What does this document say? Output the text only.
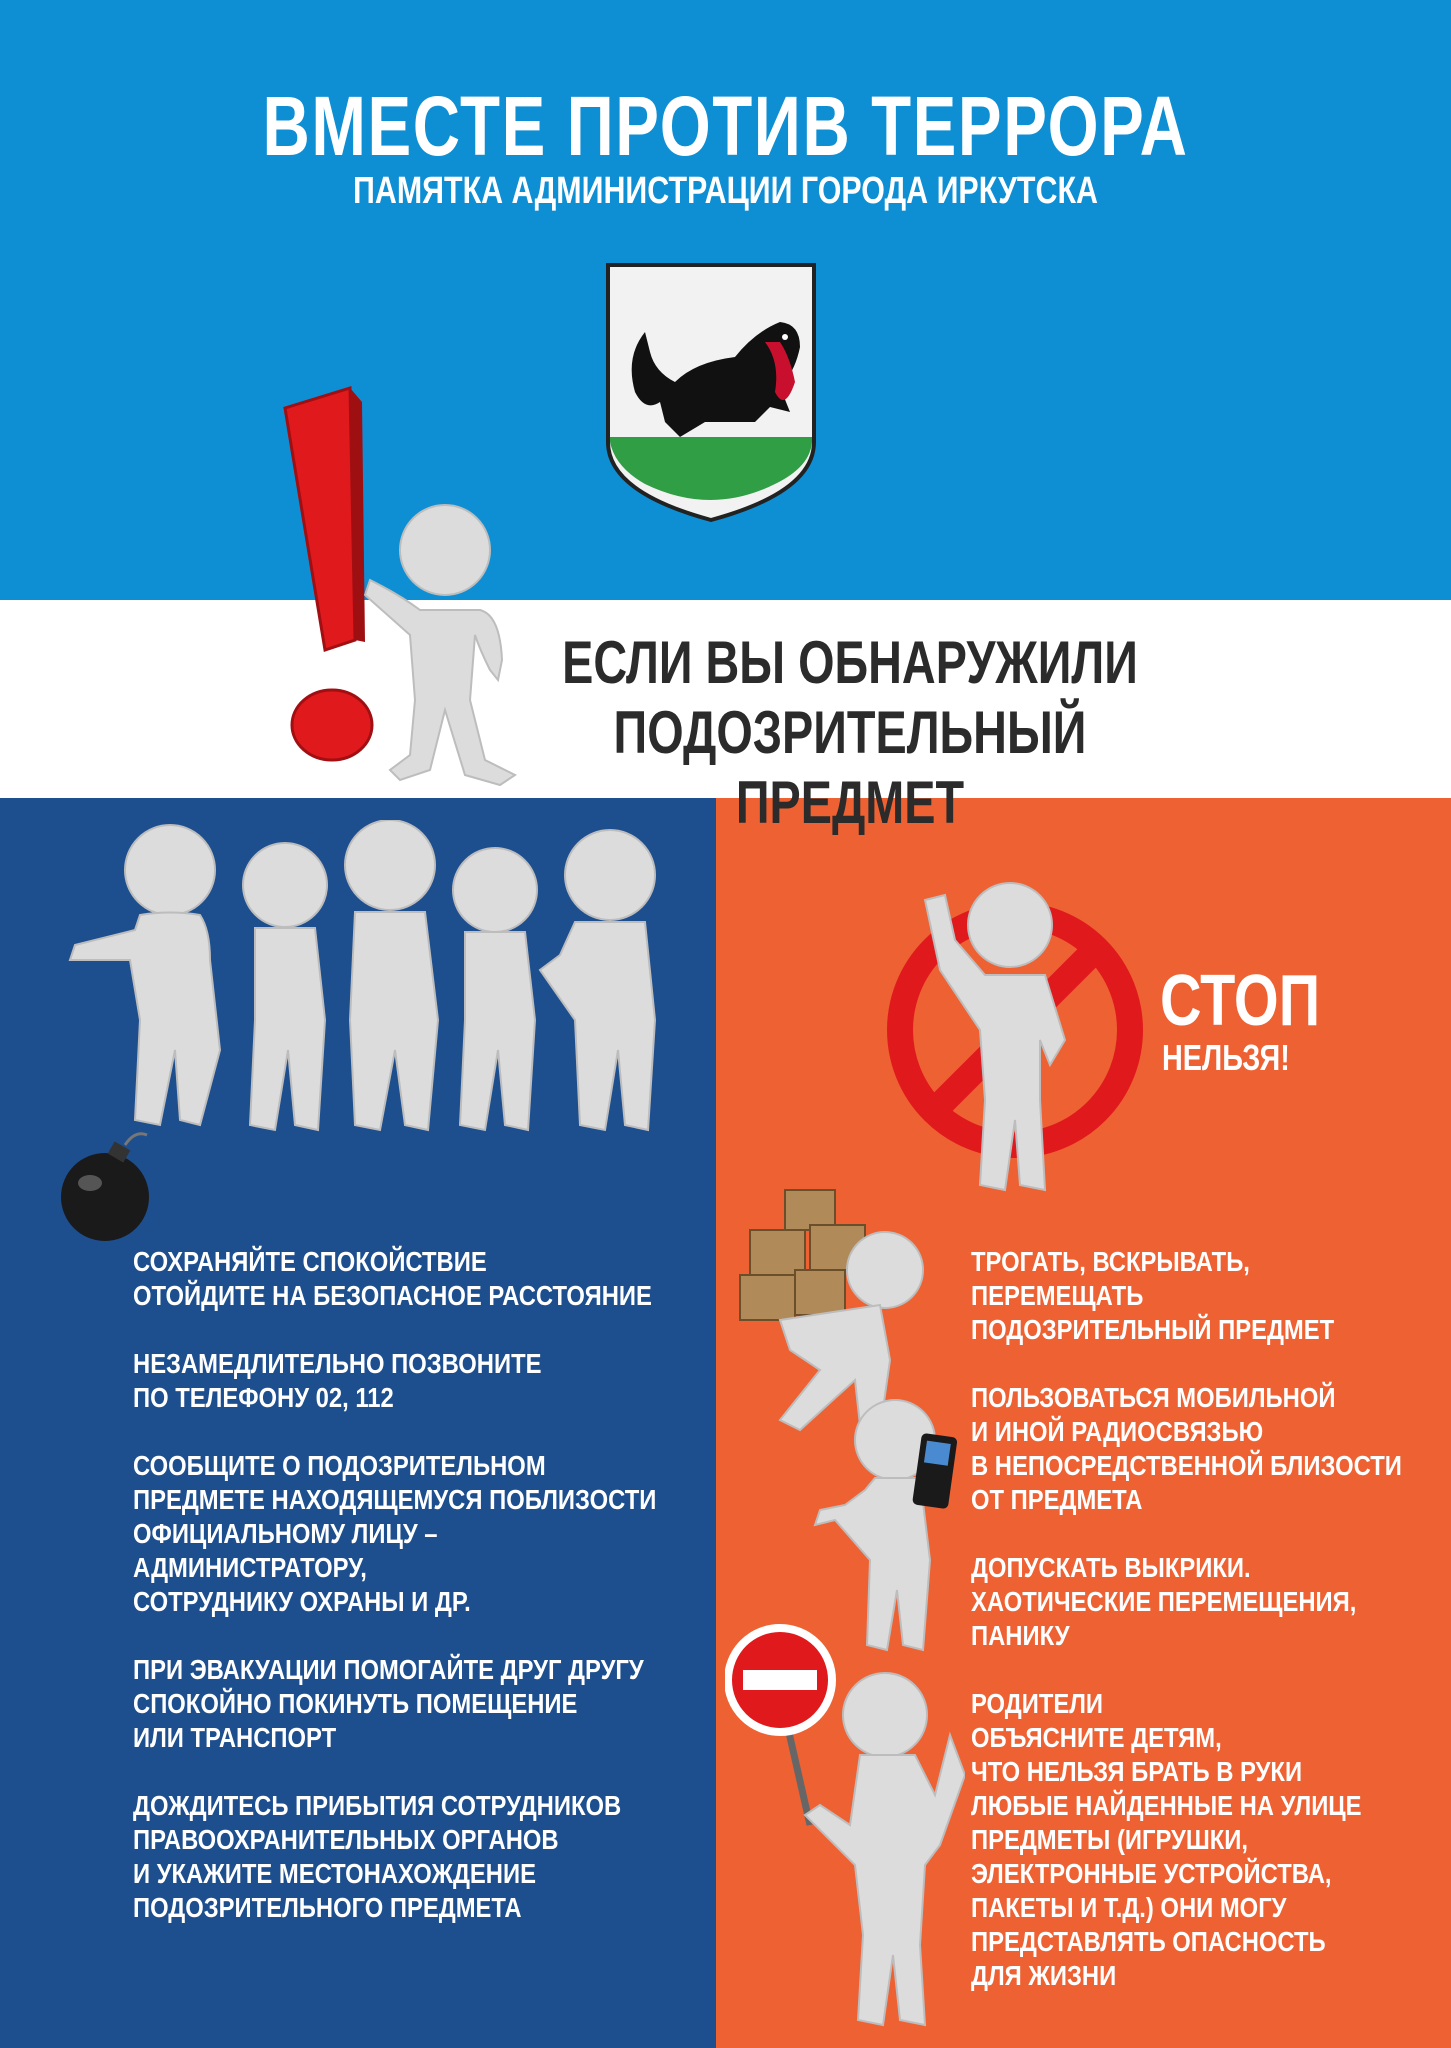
ВМЕСТЕ ПРОТИВ ТЕРРОРА
ПАМЯТКА АДМИНИСТРАЦИИ ГОРОДА ИРКУТСКА
ЕСЛИ ВЫ ОБНАРУЖИЛИ
ПОДОЗРИТЕЛЬНЫЙ ПРЕДМЕТ

СОХРАНЯЙТЕ СПОКОЙСТВИЕ
ОТОЙДИТЕ НА БЕЗОПАСНОЕ РАССТОЯНИЕ

НЕЗАМЕДЛИТЕЛЬНО ПОЗВОНИТЕ
ПО ТЕЛЕФОНУ 02, 112

СООБЩИТЕ О ПОДОЗРИТЕЛЬНОМ
ПРЕДМЕТЕ НАХОДЯЩЕМУСЯ ПОБЛИЗОСТИ
ОФИЦИАЛЬНОМУ ЛИЦУ – АДМИНИСТРАТОРУ,
СОТРУДНИКУ ОХРАНЫ И ДР.

ПРИ ЭВАКУАЦИИ ПОМОГАЙТЕ ДРУГ ДРУГУ
СПОКОЙНО ПОКИНУТЬ ПОМЕЩЕНИЕ
ИЛИ ТРАНСПОРТ

ДОЖДИТЕСЬ ПРИБЫТИЯ СОТРУДНИКОВ
ПРАВООХРАНИТЕЛЬНЫХ ОРГАНОВ
И УКАЖИТЕ МЕСТОНАХОЖДЕНИЕ
ПОДОЗРИТЕЛЬНОГО ПРЕДМЕТА

СТОП
НЕЛЬЗЯ!

ТРОГАТЬ, ВСКРЫВАТЬ,
ПЕРЕМЕЩАТЬ
ПОДОЗРИТЕЛЬНЫЙ ПРЕДМЕТ

ПОЛЬЗОВАТЬСЯ МОБИЛЬНОЙ
И ИНОЙ РАДИОСВЯЗЬЮ
В НЕПОСРЕДСТВЕННОЙ БЛИЗОСТИ
ОТ ПРЕДМЕТА

ДОПУСКАТЬ ВЫКРИКИ.
ХАОТИЧЕСКИЕ ПЕРЕМЕЩЕНИЯ,
ПАНИКУ

РОДИТЕЛИ
ОБЪЯСНИТЕ ДЕТЯМ,
ЧТО НЕЛЬЗЯ БРАТЬ В РУКИ
ЛЮБЫЕ НАЙДЕННЫЕ НА УЛИЦЕ
ПРЕДМЕТЫ (ИГРУШКИ,
ЭЛЕКТРОННЫЕ УСТРОЙСТВА,
ПАКЕТЫ И Т.Д.) ОНИ МОГУ
ПРЕДСТАВЛЯТЬ ОПАСНОСТЬ
ДЛЯ ЖИЗНИ
